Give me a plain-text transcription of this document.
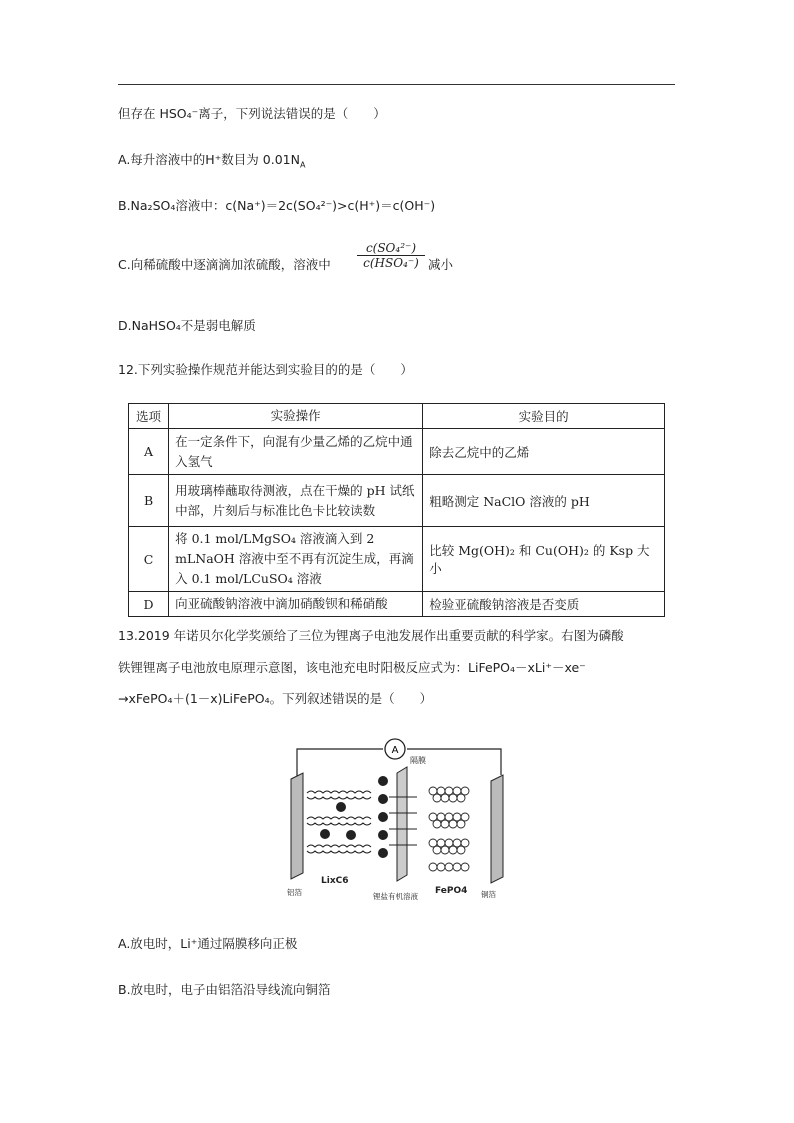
但存在 HSO₄⁻离子，下列说法错误的是（　　）
A.每升溶液中的H⁺数目为 $0.01N_A$
B.Na₂SO₄溶液中：c(Na⁺)＝2c(SO₄²⁻)>c(H⁺)＝c(OH⁻)
C.向稀硫酸中逐滴滴加浓硫酸，溶液中
c(SO₄²⁻)
c(HSO₄⁻) 减小
D.NaHSO₄不是弱电解质
12.下列实验操作规范并能达到实验目的的是（　　）
选项	实验操作	实验目的
A	在一定条件下，向混有少量乙烯的乙烷中通入氢气	除去乙烷中的乙烯
B	用玻璃棒蘸取待测液，点在干燥的 pH 试纸中部，片刻后与标准比色卡比较读数	粗略测定 NaClO 溶液的 pH
C	将 0.1 mol/LMgSO₄ 溶液滴入到 2 mLNaOH 溶液中至不再有沉淀生成，再滴入 0.1 mol/LCuSO₄ 溶液	比较 Mg(OH)₂ 和 Cu(OH)₂ 的 Ksp 大小
D	向亚硫酸钠溶液中滴加硝酸钡和稀硝酸	检验亚硫酸钠溶液是否变质
13.2019 年诺贝尔化学奖颁给了三位为锂离子电池发展作出重要贡献的科学家。右图为磷酸
铁锂锂离子电池放电原理示意图，该电池充电时阳极反应式为：LiFePO₄－xLi⁺－xe⁻
→xFePO₄＋(1－x)LiFePO₄。下列叙述错误的是（　　）
A
隔膜
LixC6
锂盐有机溶液
FePO4
铝箔	铜箔
A.放电时，Li⁺通过隔膜移向正极
B.放电时，电子由铝箔沿导线流向铜箔
